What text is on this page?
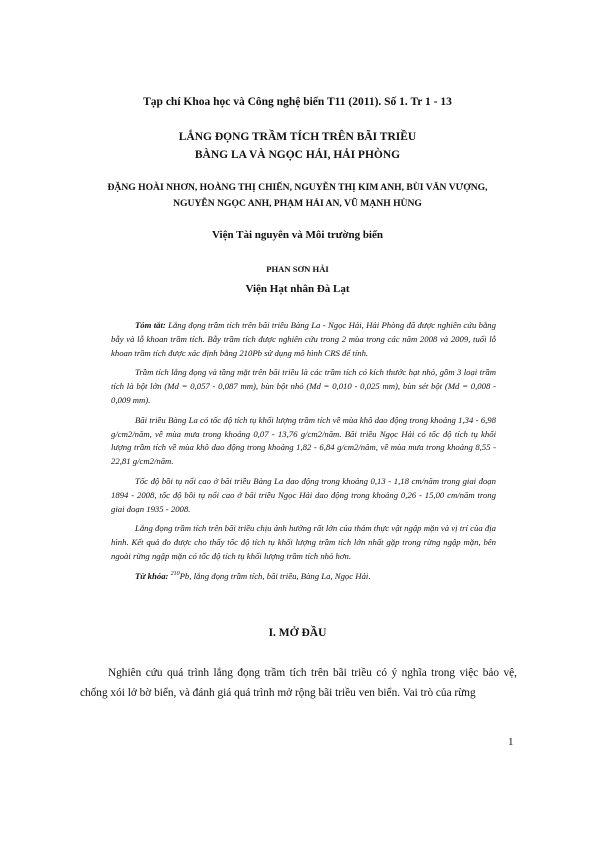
Tạp chí Khoa học và Công nghệ biển T11 (2011). Số 1. Tr 1 - 13
LẮNG ĐỌNG TRẦM TÍCH TRÊN BÃI TRIỀU
BÀNG LA VÀ NGỌC HẢI, HẢI PHÒNG
ĐẶNG HOÀI NHƠN, HOÀNG THỊ CHIẾN, NGUYỄN THỊ KIM ANH, BÙI VĂN VƯỢNG,
NGUYỄN NGỌC ANH, PHẠM HẢI AN, VŨ MẠNH HÙNG
Viện Tài nguyên và Môi trường biển
PHAN SƠN HẢI
Viện Hạt nhân Đà Lạt

Tóm tắt: Lắng đọng trầm tích trên bãi triều Bàng La - Ngọc Hải, Hải Phòng đã được nghiên cứu bằng bẫy và lỗ khoan trầm tích. Bẫy trầm tích được nghiên cứu trong 2 mùa trong các năm 2008 và 2009, tuổi lỗ khoan trầm tích được xác định bằng 210Pb sử dụng mô hình CRS để tính.

Trầm tích lắng đọng và tầng mặt trên bãi triều là các trầm tích có kích thước hạt nhỏ, gồm 3 loại trầm tích là bột lớn (Md = 0,057 - 0,087 mm), bùn bột nhỏ (Md = 0,010 - 0,025 mm), bùn sét bột (Md = 0,008 - 0,009 mm).

Bãi triều Bàng La có tốc độ tích tụ khối lượng trầm tích về mùa khô dao động trong khoảng 1,34 - 6,98 g/cm2/năm, về mùa mưa trong khoảng 0,07 - 13,76 g/cm2/năm. Bãi triều Ngọc Hải có tốc độ tích tụ khối lượng trầm tích về mùa khô dao động trong khoảng 1,82 - 6,84 g/cm2/năm, về mùa mưa trong khoảng 8,55 - 22,81 g/cm2/năm.

Tốc độ bồi tụ nổi cao ở bãi triều Bàng La dao động trong khoảng 0,13 - 1,18 cm/năm trong giai đoạn 1894 - 2008, tốc độ bồi tụ nổi cao ở bãi triều Ngọc Hải dao động trong khoảng 0,26 - 15,00 cm/năm trong giai đoạn 1935 - 2008.

Lắng đọng trầm tích trên bãi triều chịu ảnh hưởng rất lớn của thảm thực vật ngập mặn và vị trí của địa hình. Kết quả đo được cho thấy tốc độ tích tụ khối lượng trầm tích lớn nhất gặp trong rừng ngập mặn, bên ngoài rừng ngập mặn có tốc độ tích tụ khối lượng trầm tích nhỏ hơn.

Từ khóa: $^{210}$Pb, lắng đọng trầm tích, bãi triều, Bàng La, Ngọc Hải.

I. MỞ ĐẦU

Nghiên cứu quá trình lắng đọng trầm tích trên bãi triều có ý nghĩa trong việc bảo vệ, chống xói lở bờ biển, và đánh giá quá trình mở rộng bãi triều ven biển. Vai trò của rừng

1
